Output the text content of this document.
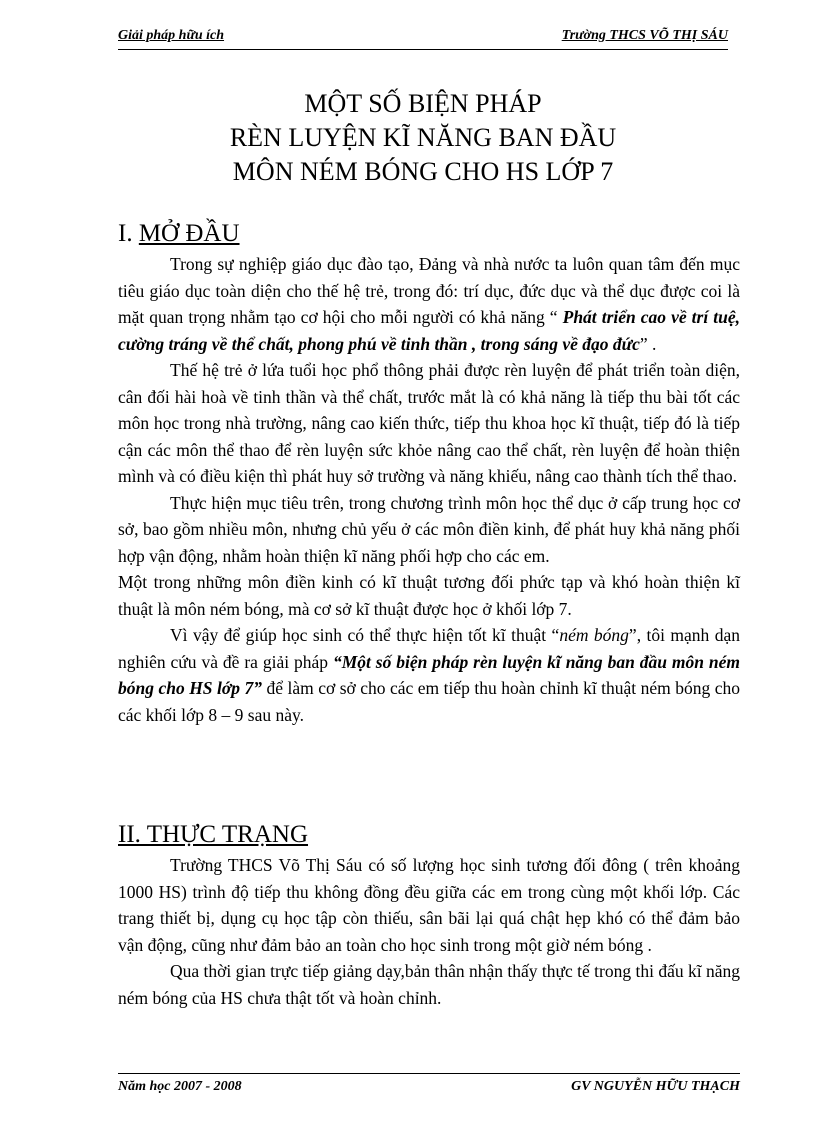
Giải pháp hữu ích	Trường THCS VÕ THỊ SÁU
MỘT SỐ BIỆN PHÁP
RÈN LUYỆN KĨ NĂNG BAN ĐẦU
MÔN NÉM BÓNG CHO HS LỚP 7

I. MỞ ĐẦU

Trong sự nghiệp giáo dục đào tạo, Đảng và nhà nước ta luôn quan tâm đến mục tiêu giáo dục toàn diện cho thế hệ trẻ, trong đó: trí dục, đức dục và thể dục được coi là mặt quan trọng nhằm tạo cơ hội cho mỗi người có khả năng “ Phát triển cao về trí tuệ, cường tráng về thể chất, phong phú về tinh thần , trong sáng về đạo đức” .

Thế hệ trẻ ở lứa tuổi học phổ thông phải được rèn luyện để phát triển toàn diện, cân đối hài hoà về tinh thần và thể chất, trước mắt là có khả năng là tiếp thu bài tốt các môn học trong nhà trường, nâng cao kiến thức, tiếp thu khoa học kĩ thuật, tiếp đó là tiếp cận các môn thể thao để rèn luyện sức khỏe nâng cao thể chất, rèn luyện để hoàn thiện mình và có điều kiện thì phát huy sở trường và năng khiếu, nâng cao thành tích thể thao.

Thực hiện mục tiêu trên, trong chương trình môn học thể dục ở cấp trung học cơ sở, bao gồm nhiều môn, nhưng chủ yếu ở các môn điền kinh, để phát huy khả năng phối hợp vận động, nhằm hoàn thiện kĩ năng phối hợp cho các em.

Một trong những môn điền kinh có kĩ thuật tương đối phức tạp và khó hoàn thiện kĩ thuật là môn ném bóng, mà cơ sở kĩ thuật được học ở khối lớp 7.

Vì vậy để giúp học sinh có thể thực hiện tốt kĩ thuật “ném bóng”, tôi mạnh dạn nghiên cứu và đề ra giải pháp “Một số biện pháp rèn luyện kĩ năng ban đầu môn ném bóng cho HS lớp 7” để làm cơ sở cho các em tiếp thu hoàn chỉnh kĩ thuật ném bóng cho các khối lớp 8 – 9 sau này.

II. THỰC TRẠNG

Trường THCS Võ Thị Sáu có số lượng học sinh tương đối đông ( trên khoảng 1000 HS) trình độ tiếp thu không đồng đều giữa các em trong cùng một khối lớp. Các trang thiết bị, dụng cụ học tập còn thiếu, sân bãi lại quá chật hẹp khó có thể đảm bảo vận động, cũng như đảm bảo an toàn cho học sinh trong một giờ ném bóng .

Qua thời gian trực tiếp giảng dạy,bản thân nhận thấy thực tế trong thi đấu kĩ năng ném bóng của HS chưa thật tốt và hoàn chỉnh.

Năm học 2007 - 2008	GV NGUYỄN HỮU THẠCH
